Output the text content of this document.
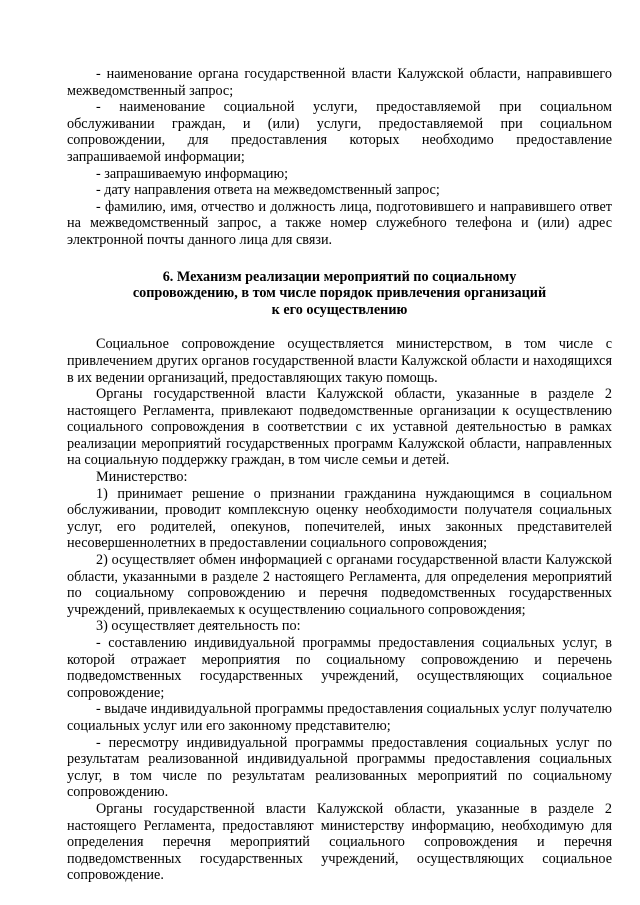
- наименование органа государственной власти Калужской области, направившего межведомственный запрос;

- наименование социальной услуги, предоставляемой при социальном обслуживании граждан, и (или) услуги, предоставляемой при социальном сопровождении, для предоставления которых необходимо предоставление запрашиваемой информации;

- запрашиваемую информацию;

- дату направления ответа на межведомственный запрос;

- фамилию, имя, отчество и должность лица, подготовившего и направившего ответ на межведомственный запрос, а также номер служебного телефона и (или) адрес электронной почты данного лица для связи.

6. Механизм реализации мероприятий по социальному
сопровождению, в том числе порядок привлечения организаций
к его осуществлению

Социальное сопровождение осуществляется министерством, в том числе с привлечением других органов государственной власти Калужской области и находящихся в их ведении организаций, предоставляющих такую помощь.

Органы государственной власти Калужской области, указанные в разделе 2 настоящего Регламента, привлекают подведомственные организации к осуществлению социального сопровождения в соответствии с их уставной деятельностью в рамках реализации мероприятий государственных программ Калужской области, направленных на социальную поддержку граждан, в том числе семьи и детей.

Министерство:

1) принимает решение о признании гражданина нуждающимся в социальном обслуживании, проводит комплексную оценку необходимости получателя социальных услуг, его родителей, опекунов, попечителей, иных законных представителей несовершеннолетних в предоставлении социального сопровождения;

2) осуществляет обмен информацией с органами государственной власти Калужской области, указанными в разделе 2 настоящего Регламента, для определения мероприятий по социальному сопровождению и перечня подведомственных государственных учреждений, привлекаемых к осуществлению социального сопровождения;

3) осуществляет деятельность по:

- составлению индивидуальной программы предоставления социальных услуг, в которой отражает мероприятия по социальному сопровождению и перечень подведомственных государственных учреждений, осуществляющих социальное сопровождение;

- выдаче индивидуальной программы предоставления социальных услуг получателю социальных услуг или его законному представителю;

- пересмотру индивидуальной программы предоставления социальных услуг по результатам реализованной индивидуальной программы предоставления социальных услуг, в том числе по результатам реализованных мероприятий по социальному сопровождению.

Органы государственной власти Калужской области, указанные в разделе 2 настоящего Регламента, предоставляют министерству информацию, необходимую для определения перечня мероприятий социального сопровождения и перечня подведомственных государственных учреждений, осуществляющих социальное сопровождение.
